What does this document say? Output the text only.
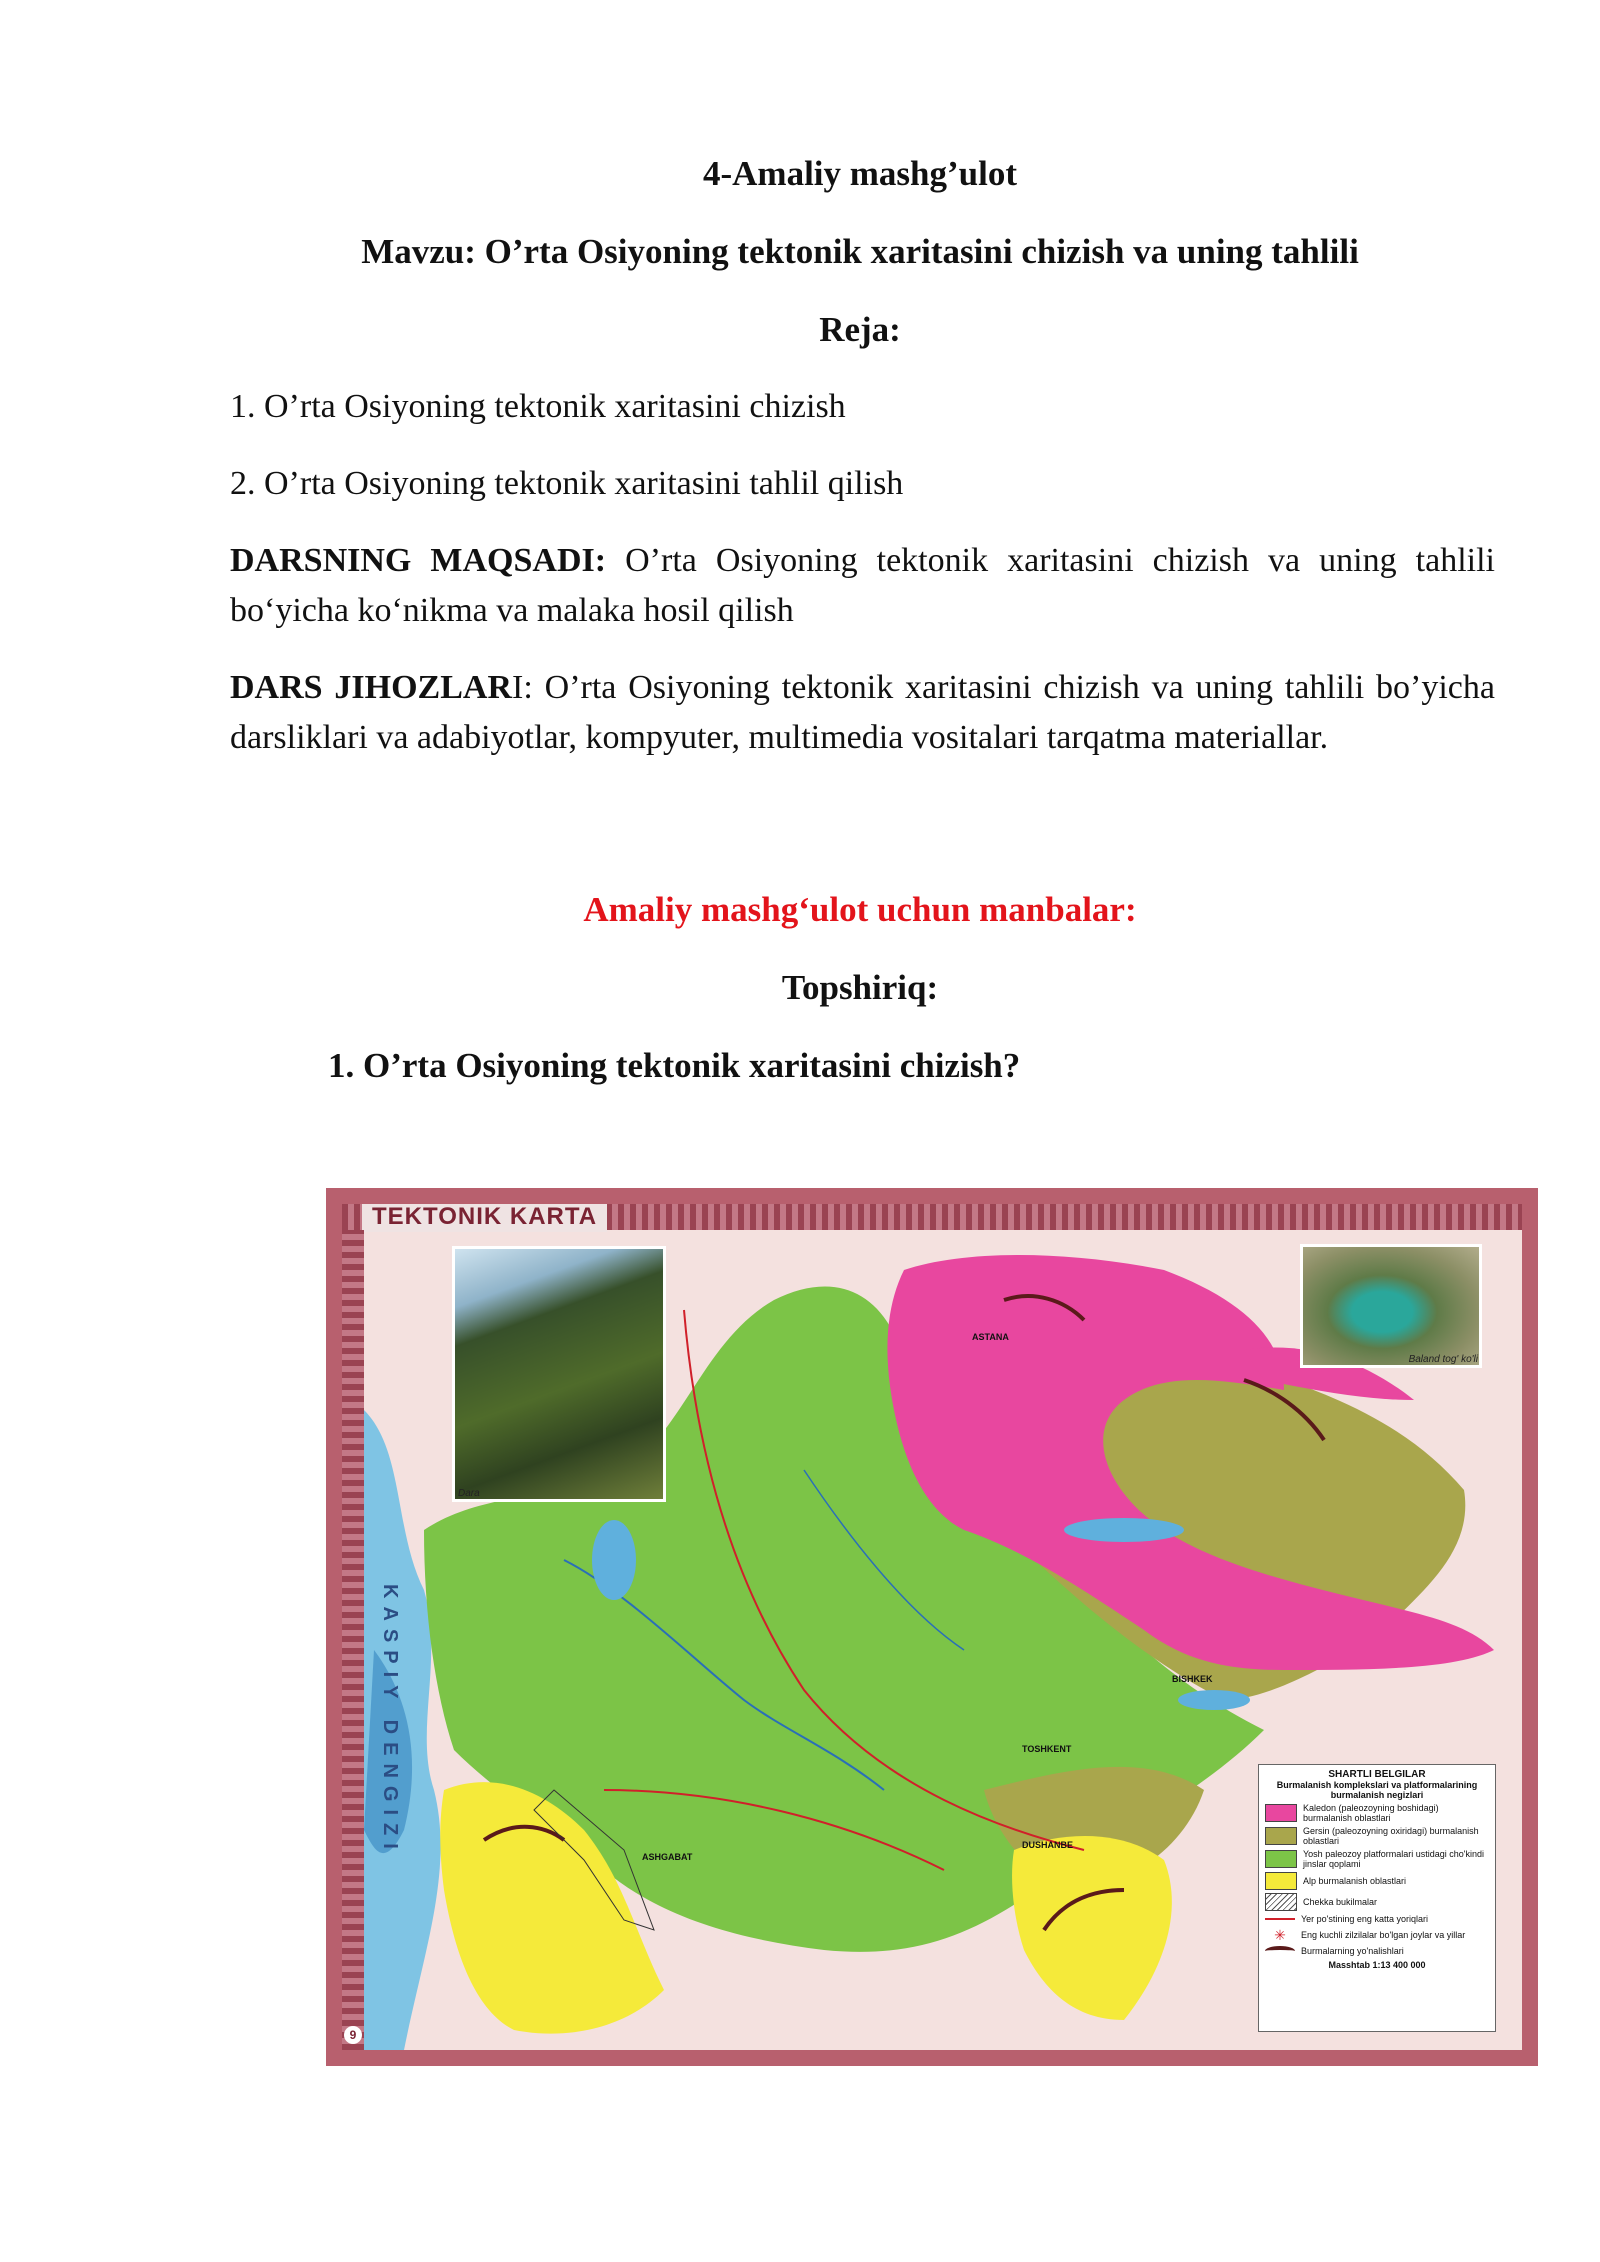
4-Amaliy mashg’ulot
Mavzu: O’rta Osiyoning tektonik xaritasini chizish va uning tahlili
Reja:
1. O’rta Osiyoning tektonik xaritasini chizish
2. O’rta Osiyoning tektonik xaritasini tahlil qilish
DARSNING MAQSADI: O’rta Osiyoning tektonik xaritasini chizish va uning tahlili bo‘yicha ko‘nikma va malaka hosil qilish
DARS JIHOZLARI: O’rta Osiyoning tektonik xaritasini chizish va uning tahlili bo’yicha darsliklari va adabiyotlar, kompyuter, multimedia vositalari tarqatma materiallar.
Amaliy mashg‘ulot uchun manbalar:
Topshiriq:
1. O’rta Osiyoning tektonik xaritasini chizish?
TEKTONIK KARTA
Dara
Baland tog' ko'li
KASPIY DENGIZI
ASTANA
BISHKEK
TOSHKENT
DUSHANBE
ASHGABAT
SHARTLI BELGILAR
Burmalanish komplekslari va platformalarining burmalanish negizlari
Kaledon (paleozoyning boshidagi) burmalanish oblastlari
Gersin (paleozoyning oxiridagi) burmalanish oblastlari
Yosh paleozoy platformalari ustidagi cho'kindi jinslar qoplami
Alp burmalanish oblastlari
Chekka bukilmalar
Yer po'stining eng katta yoriqlari
✳	Eng kuchli zilzilalar bo'lgan joylar va yillar
Burmalarning yo'nalishlari
Masshtab 1:13 400 000
9
